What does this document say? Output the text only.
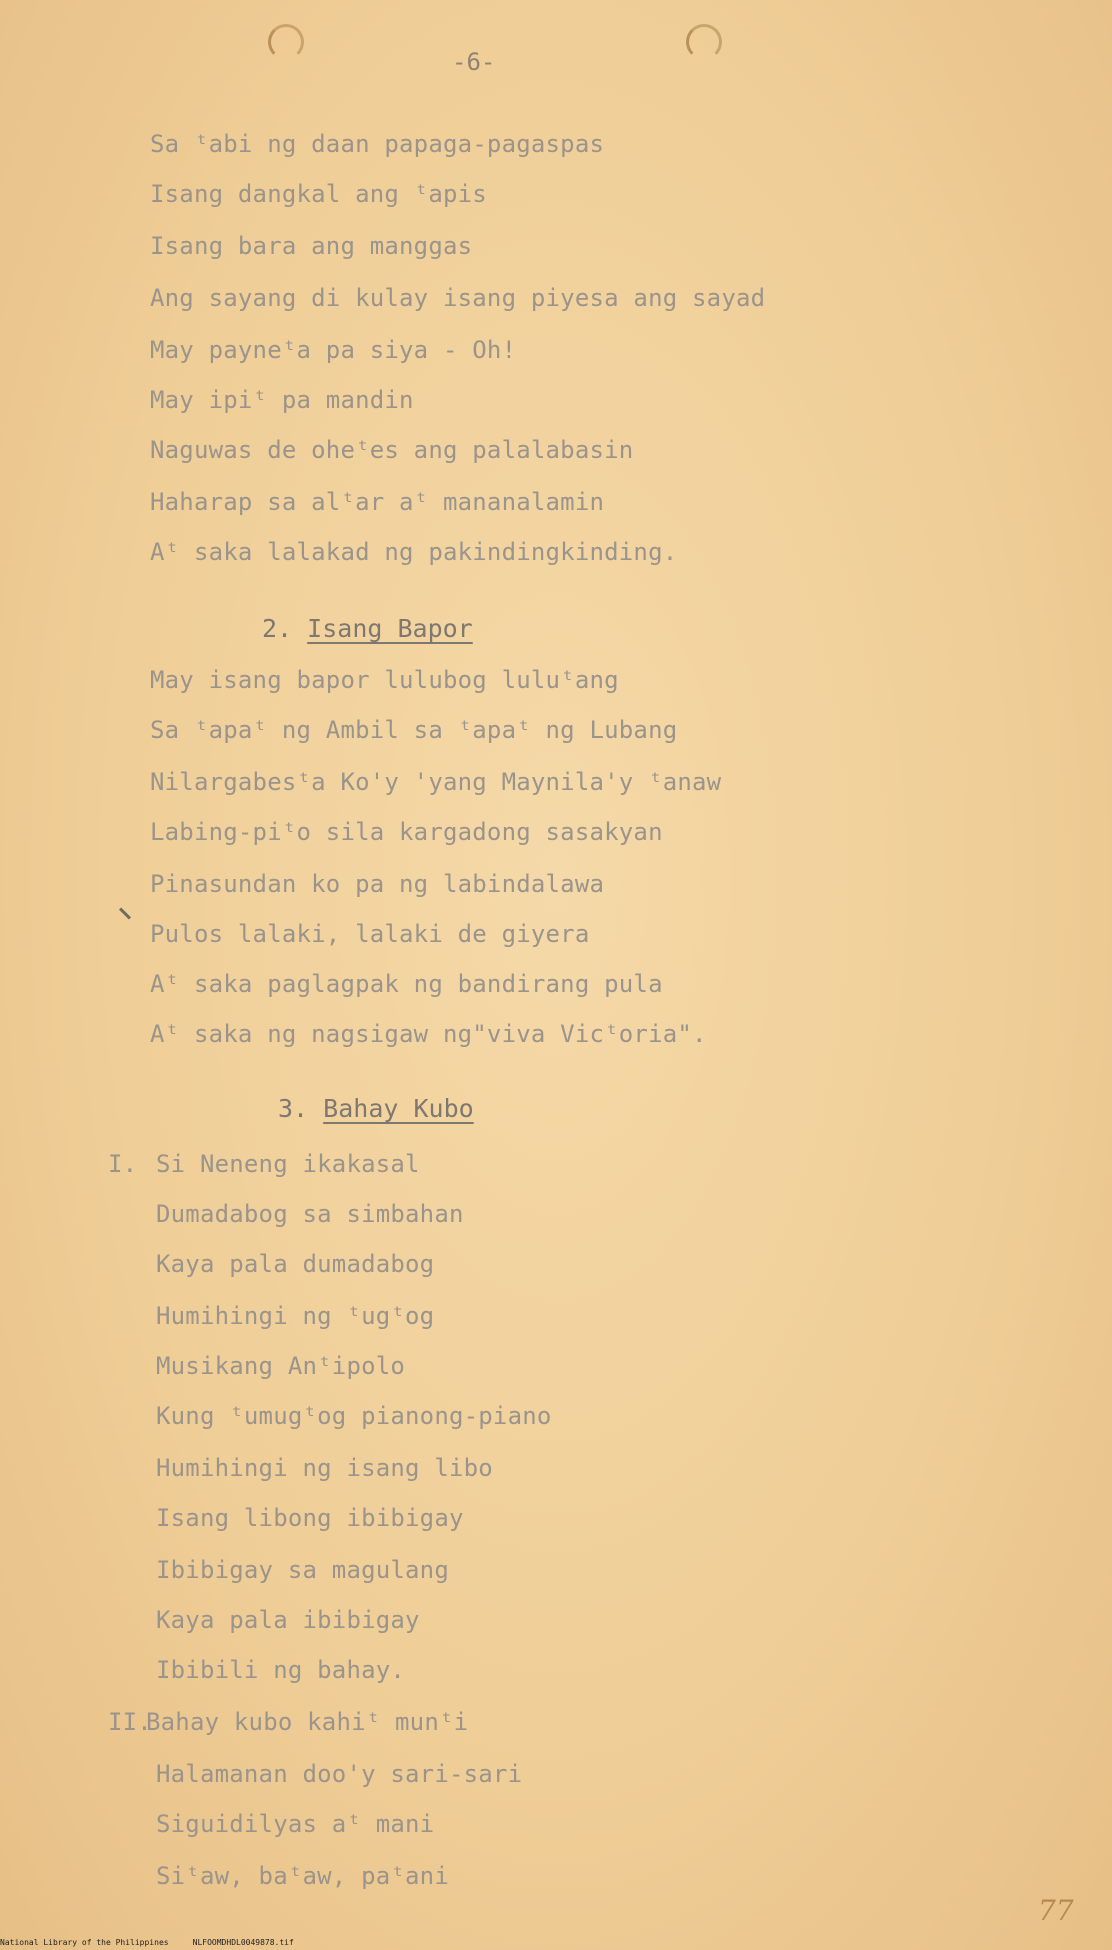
-6-
Sa ᵗabi ng daan papaga-pagaspas
Isang dangkal ang ᵗapis
Isang bara ang manggas
Ang sayang di kulay isang piyesa ang sayad
May payneᵗa pa siya - Oh!
May ipiᵗ pa mandin
Naguwas de oheᵗes ang palalabasin
Haharap sa alᵗar aᵗ mananalamin
Aᵗ saka lalakad ng pakindingkinding.
2. Isang Bapor
May isang bapor lulubog luluᵗang
Sa ᵗapaᵗ ng Ambil sa ᵗapaᵗ ng Lubang
Nilargabesᵗa Ko'y 'yang Maynila'y ᵗanaw
Labing-piᵗo sila kargadong sasakyan
Pinasundan ko pa ng labindalawa
Pulos lalaki, lalaki de giyera
Aᵗ saka paglagpak ng bandirang pula
Aᵗ saka ng nagsigaw ng"viva Vicᵗoria".
3. Bahay Kubo
I. Si Neneng ikakasal
Dumadabog sa simbahan
Kaya pala dumadabog
Humihingi ng ᵗugᵗog
Musikang Anᵗipolo
Kung ᵗumugᵗog pianong-piano
Humihingi ng isang libo
Isang libong ibibigay
Ibibigay sa magulang
Kaya pala ibibigay
Ibibili ng bahay.
II.
Bahay kubo kahiᵗ munᵗi
Halamanan doo'y sari-sari
Siguidilyas aᵗ mani
Siᵗaw, baᵗaw, paᵗani
77
National Library of the Philippines     NLFOOMDHDL0049878.tif
